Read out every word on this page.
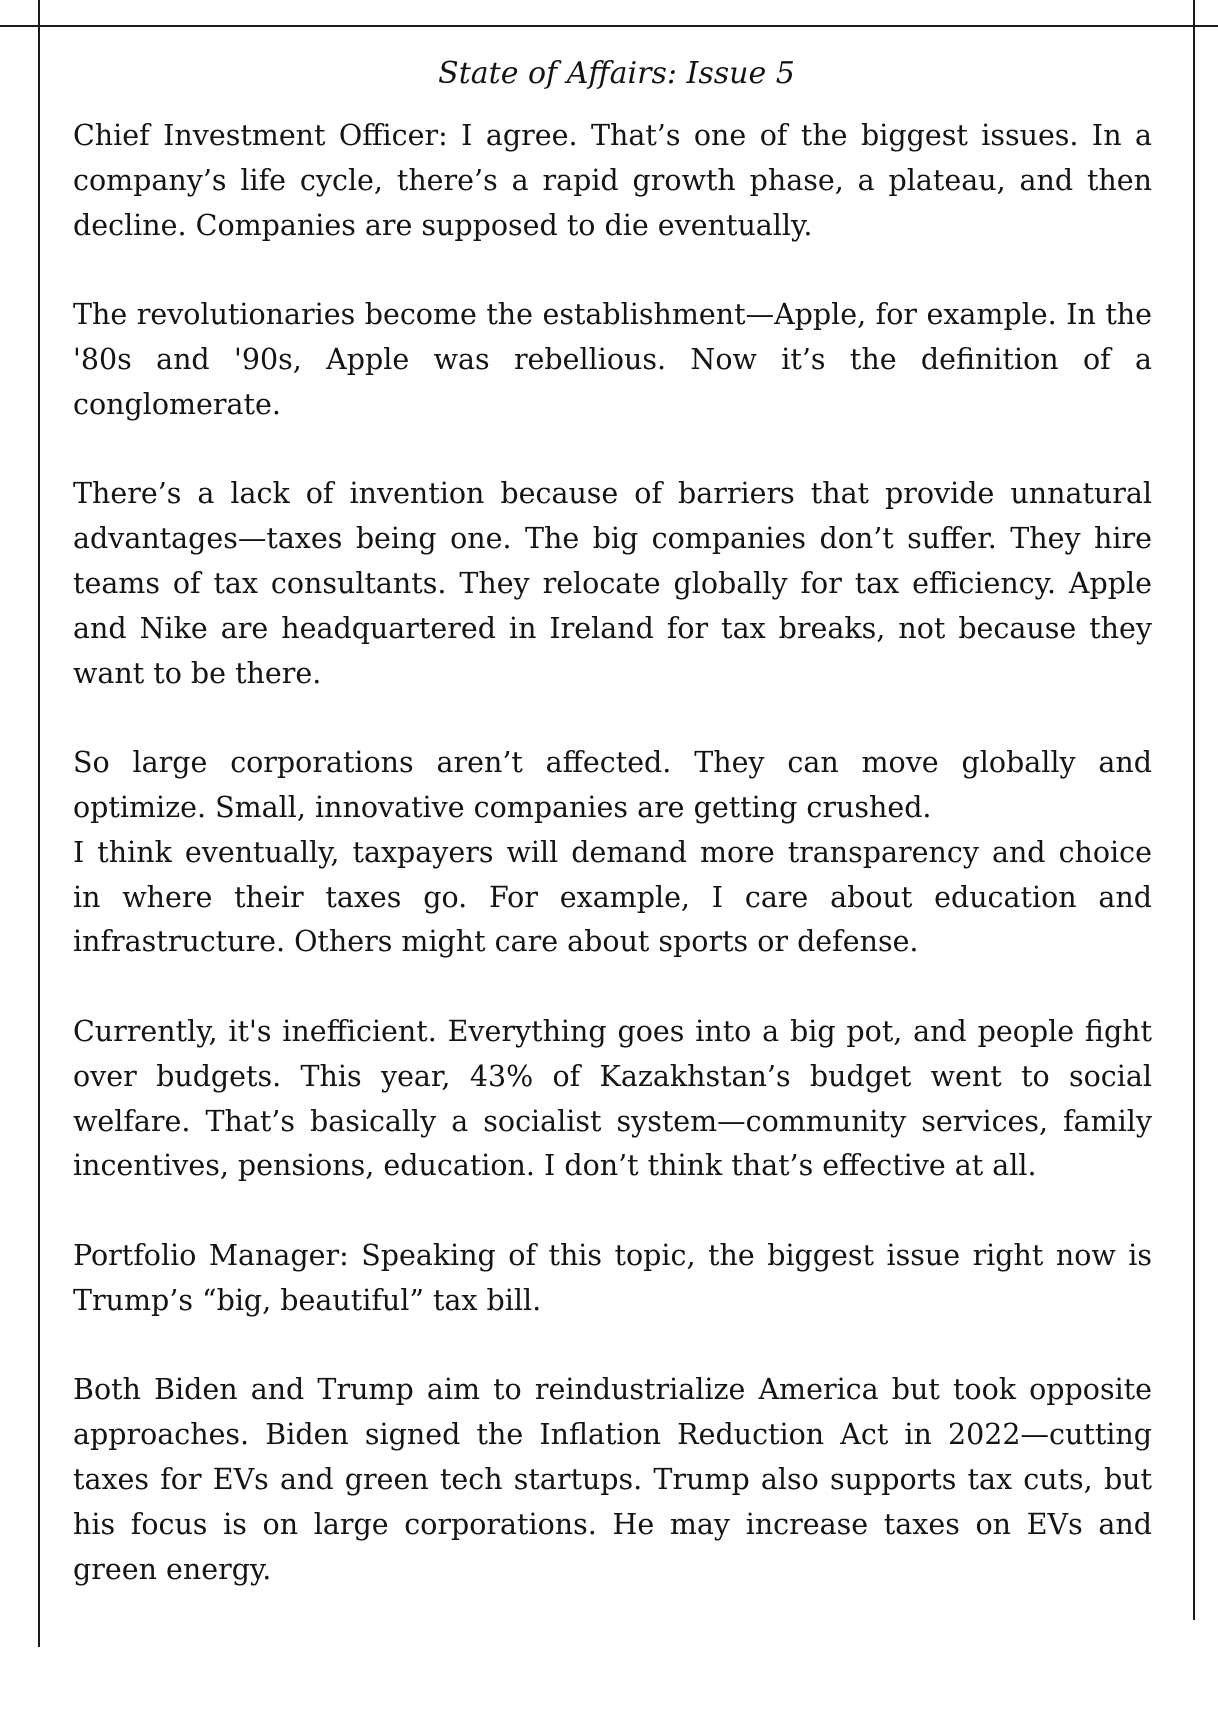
State of Affairs: Issue 5

Chief Investment Officer: I agree. That’s one of the biggest issues. In a company’s life cycle, there’s a rapid growth phase, a plateau, and then decline. Companies are supposed to die eventually.

The revolutionaries become the establishment—Apple, for example. In the '80s and '90s, Apple was rebellious. Now it’s the definition of a conglomerate.

There’s a lack of invention because of barriers that provide unnatural advantages—taxes being one. The big companies don’t suffer. They hire teams of tax consultants. They relocate globally for tax efficiency. Apple and Nike are headquartered in Ireland for tax breaks, not because they want to be there.

So large corporations aren’t affected. They can move globally and optimize. Small, innovative companies are getting crushed.

I think eventually, taxpayers will demand more transparency and choice in where their taxes go. For example, I care about education and infrastructure. Others might care about sports or defense.

Currently, it's inefficient. Everything goes into a big pot, and people fight over budgets. This year, 43% of Kazakhstan’s budget went to social welfare. That’s basically a socialist system—community services, family incentives, pensions, education. I don’t think that’s effective at all.

Portfolio Manager: Speaking of this topic, the biggest issue right now is Trump’s “big, beautiful” tax bill.

Both Biden and Trump aim to reindustrialize America but took opposite approaches. Biden signed the Inflation Reduction Act in 2022—cutting taxes for EVs and green tech startups. Trump also supports tax cuts, but his focus is on large corporations. He may increase taxes on EVs and green energy.
